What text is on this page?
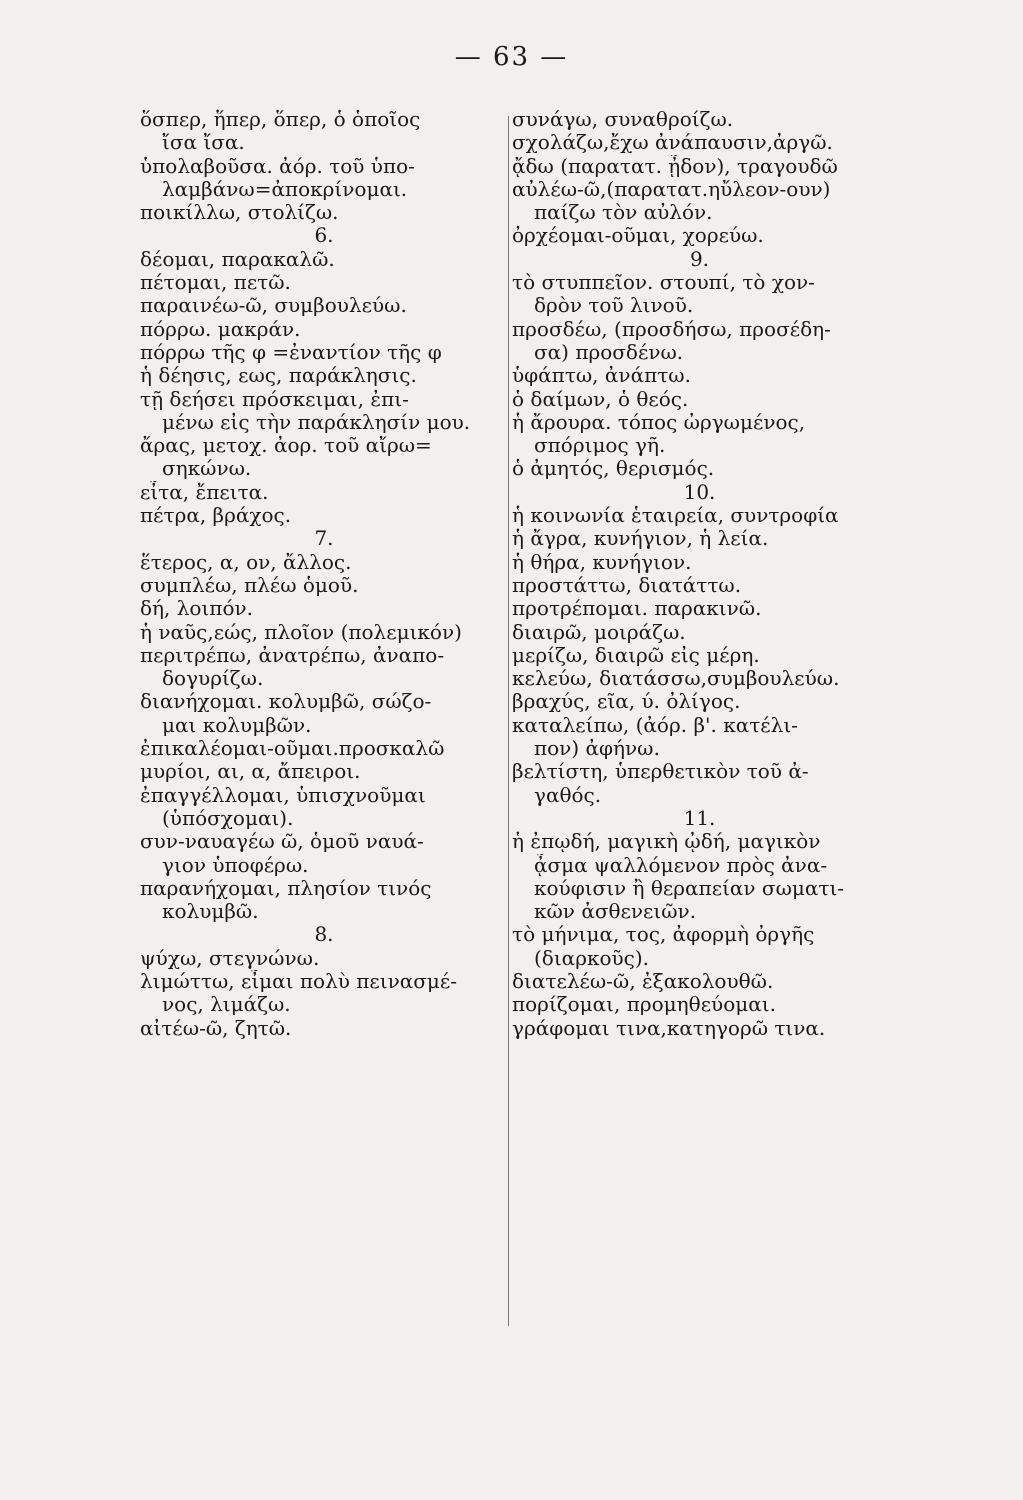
— 63 —
ὅσπερ, ἥπερ, ὅπερ, ὁ ὁποῖος
ἴσα ἴσα.
ὑπολαβοῦσα. ἀόρ. τοῦ ὑπο-
λαμβάνω=ἀποκρίνομαι.
ποικίλλω, στολίζω.
6.
δέομαι, παρακαλῶ.
πέτομαι, πετῶ.
παραινέω-ῶ, συμβουλεύω.
πόρρω. μακράν.
πόρρω τῆς φ =ἐναντίον τῆς φ
ἡ δέησις, εως, παράκλησις.
τῇ δεήσει πρόσκειμαι, ἐπι-
μένω εἰς τὴν παράκλησίν μου.
ἄρας, μετοχ. ἀορ. τοῦ αἴρω=
σηκώνω.
εἶτα, ἔπειτα.
πέτρα, βράχος.
7.
ἕτερος, α, ον, ἄλλος.
συμπλέω, πλέω ὁμοῦ.
δή, λοιπόν.
ἡ ναῦς,εώς, πλοῖον (πολεμικόν)
περιτρέπω, ἀνατρέπω, ἀναπο-
δογυρίζω.
διανήχομαι. κολυμβῶ, σώζο-
μαι κολυμβῶν.
ἐπικαλέομαι-οῦμαι.προσκαλῶ
μυρίοι, αι, α, ἄπειροι.
ἐπαγγέλλομαι, ὑπισχνοῦμαι
(ὑπόσχομαι).
συν-ναυαγέω ῶ, ὁμοῦ ναυά-
γιον ὑποφέρω.
παρανήχομαι, πλησίον τινός
κολυμβῶ.
8.
ψύχω, στεγνώνω.
λιμώττω, εἶμαι πολὺ πεινασμέ-
νος, λιμάζω.
αἰτέω-ῶ, ζητῶ.
συνάγω, συναθροίζω.
σχολάζω,ἔχω ἀνάπαυσιν,ἀργῶ.
ᾄδω (παρατατ. ᾖδον), τραγουδῶ
αὐλέω-ῶ,(παρατατ.ηὔλεον-ουν)
παίζω τὸν αὐλόν.
ὀρχέομαι-οῦμαι, χορεύω.
9.
τὸ στυππεῖον. στουπί, τὸ χον-
δρὸν τοῦ λινοῦ.
προσδέω, (προσδήσω, προσέδη-
σα) προσδένω.
ὑφάπτω, ἀνάπτω.
ὁ δαίμων, ὁ θεός.
ἡ ἄρουρα. τόπος ὠργωμένος,
σπόριμος γῆ.
ὁ ἀμητός, θερισμός.
10.
ἡ κοινωνία ἑταιρεία, συντροφία
ἡ ἄγρα, κυνήγιον, ἡ λεία.
ἡ θήρα, κυνήγιον.
προστάττω, διατάττω.
προτρέπομαι. παρακινῶ.
διαιρῶ, μοιράζω.
μερίζω, διαιρῶ εἰς μέρη.
κελεύω, διατάσσω,συμβουλεύω.
βραχύς, εῖα, ύ. ὀλίγος.
καταλείπω, (ἀόρ. β'. κατέλι-
πον) ἀφήνω.
βελτίστη, ὑπερθετικὸν τοῦ ἀ-
γαθός.
11.
ἡ ἐπῳδή, μαγικὴ ᾠδή, μαγικὸν
ᾆσμα ψαλλόμενον πρὸς ἀνα-
κούφισιν ἢ θεραπείαν σωματι-
κῶν ἀσθενειῶν.
τὸ μήνιμα, τος, ἀφορμὴ ὀργῆς
(διαρκοῦς).
διατελέω-ῶ, ἐξακολουθῶ.
πορίζομαι, προμηθεύομαι.
γράφομαι τινα,κατηγορῶ τινα.
